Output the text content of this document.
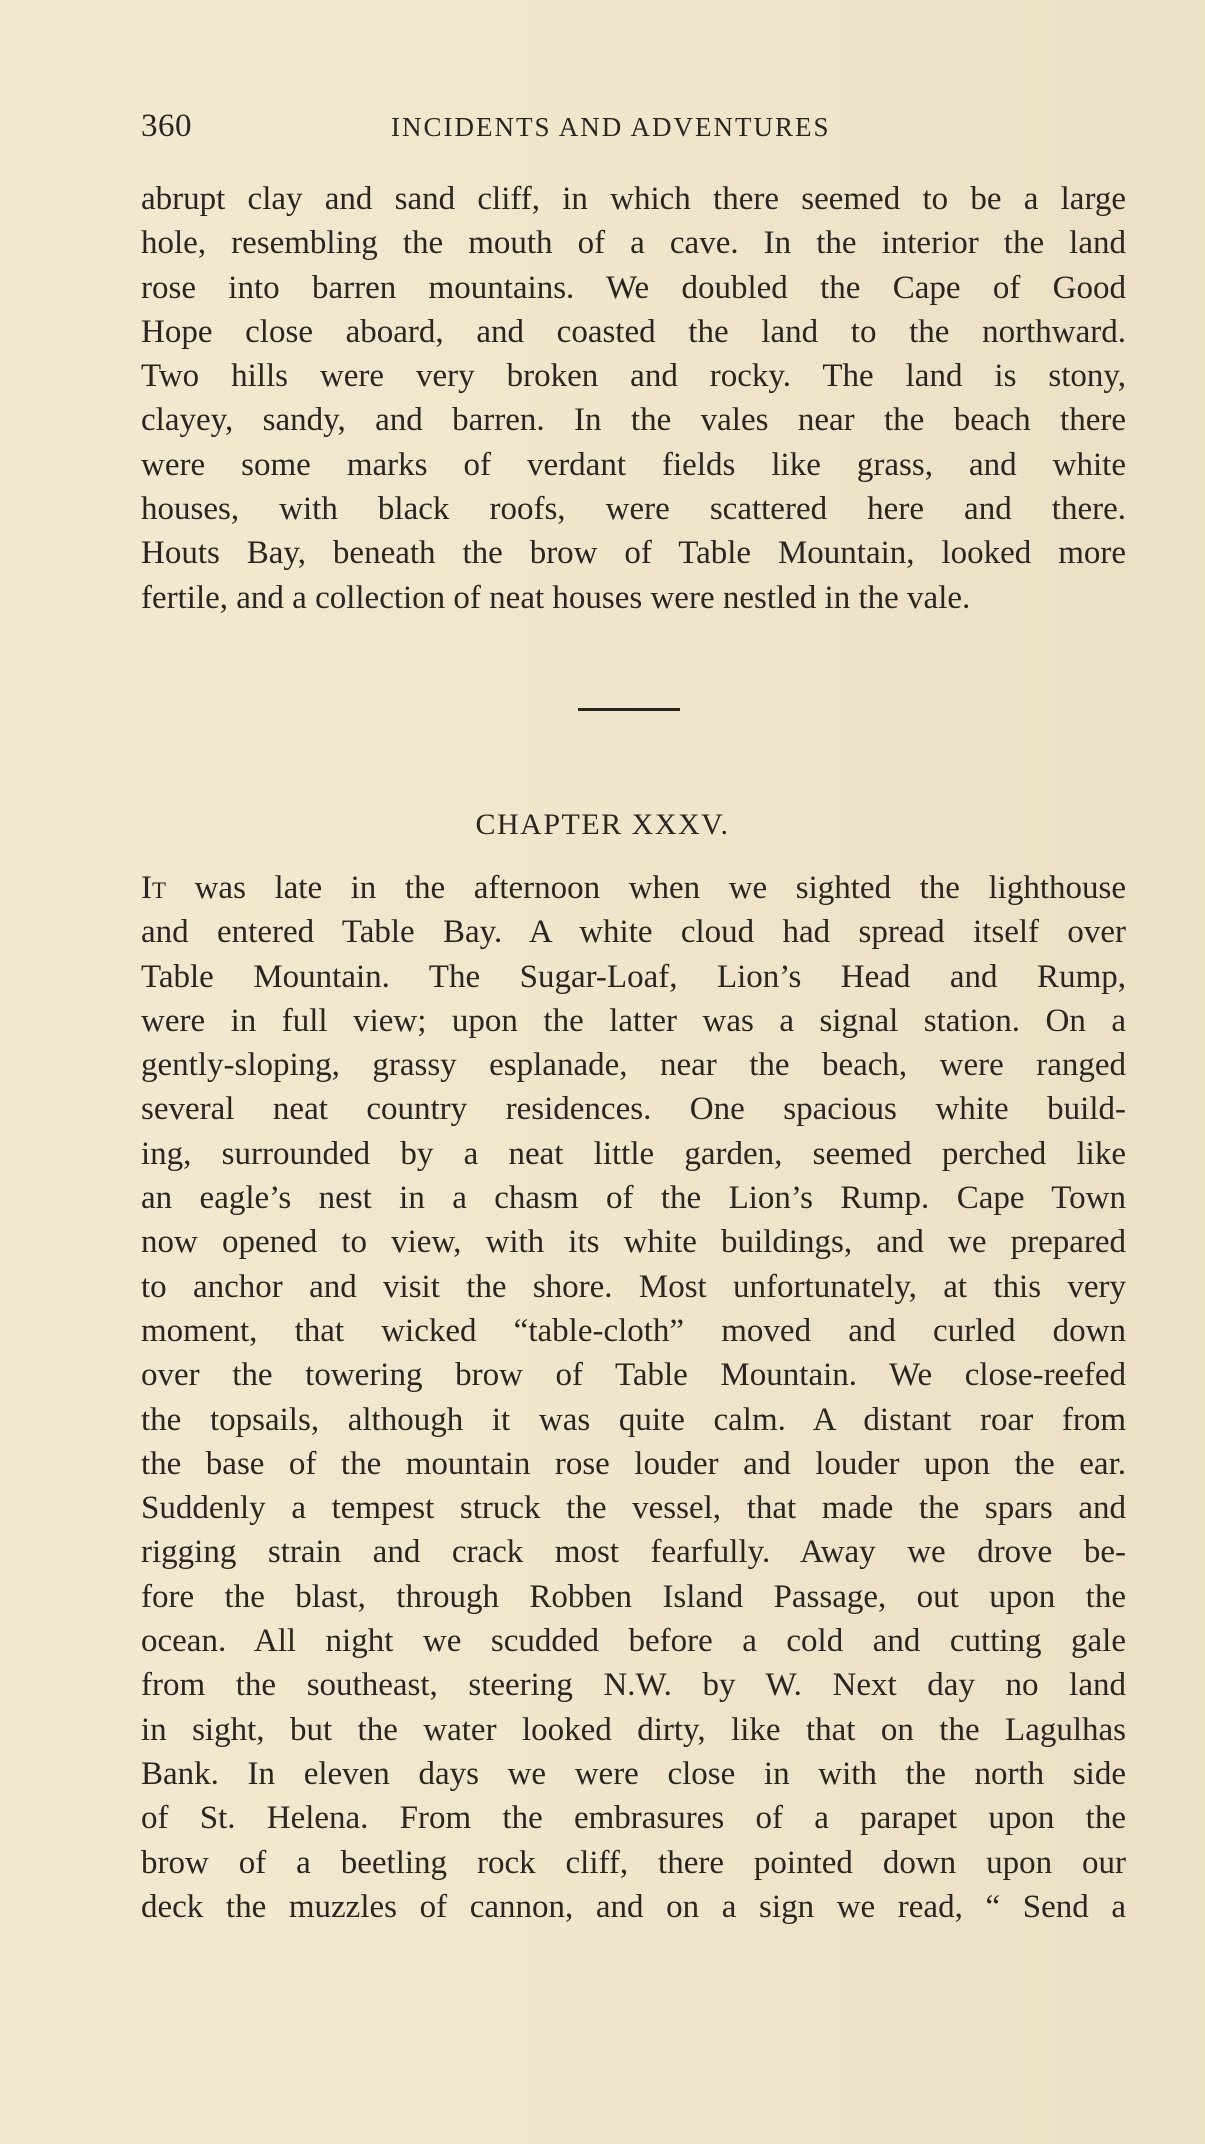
360	INCIDENTS AND ADVENTURES
abrupt clay and sand cliff, in which there seemed to be a large
hole, resembling the mouth of a cave. In the interior the land
rose into barren mountains. We doubled the Cape of Good
Hope close aboard, and coasted the land to the northward.
Two hills were very broken and rocky. The land is stony,
clayey, sandy, and barren. In the vales near the beach there
were some marks of verdant fields like grass, and white
houses, with black roofs, were scattered here and there.
Houts Bay, beneath the brow of Table Mountain, looked more
fertile, and a collection of neat houses were nestled in the vale.
CHAPTER XXXV.
It was late in the afternoon when we sighted the lighthouse
and entered Table Bay. A white cloud had spread itself over
Table Mountain. The Sugar-Loaf, Lion’s Head and Rump,
were in full view; upon the latter was a signal station. On a
gently-sloping, grassy esplanade, near the beach, were ranged
several neat country residences. One spacious white build-
ing, surrounded by a neat little garden, seemed perched like
an eagle’s nest in a chasm of the Lion’s Rump. Cape Town
now opened to view, with its white buildings, and we prepared
to anchor and visit the shore. Most unfortunately, at this very
moment, that wicked “table-cloth” moved and curled down
over the towering brow of Table Mountain. We close-reefed
the topsails, although it was quite calm. A distant roar from
the base of the mountain rose louder and louder upon the ear.
Suddenly a tempest struck the vessel, that made the spars and
rigging strain and crack most fearfully. Away we drove be-
fore the blast, through Robben Island Passage, out upon the
ocean. All night we scudded before a cold and cutting gale
from the southeast, steering N.W. by W. Next day no land
in sight, but the water looked dirty, like that on the Lagulhas
Bank. In eleven days we were close in with the north side
of St. Helena. From the embrasures of a parapet upon the
brow of a beetling rock cliff, there pointed down upon our
deck the muzzles of cannon, and on a sign we read, “ Send a
